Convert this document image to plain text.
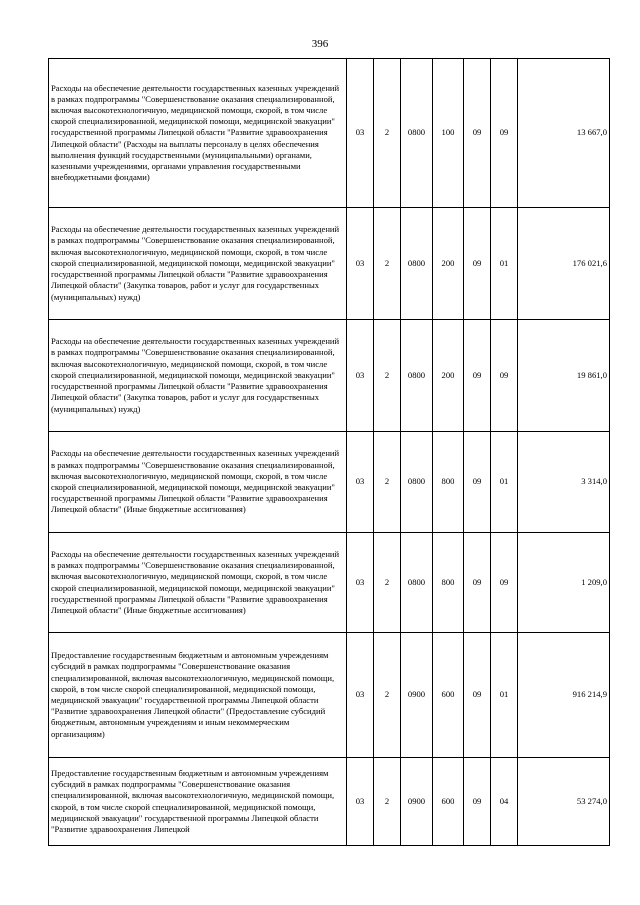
396
Расходы на обеспечение деятельности государственных казенных учреждений в рамках подпрограммы "Совершенствование оказания специализированной, включая высокотехнологичную, медицинской помощи, скорой, в том числе скорой специализированной, медицинской помощи, медицинской эвакуации" государственной программы Липецкой области "Развитие здравоохранения Липецкой области" (Расходы на выплаты персоналу в целях обеспечения выполнения функций государственными (муниципальными) органами, казенными учреждениями, органами управления государственными внебюджетными фондами)	03	2	0800	100	09	09	13 667,0
Расходы на обеспечение деятельности государственных казенных учреждений в рамках подпрограммы "Совершенствование оказания специализированной, включая высокотехнологичную, медицинской помощи, скорой, в том числе скорой специализированной, медицинской помощи, медицинской эвакуации" государственной программы Липецкой области "Развитие здравоохранения Липецкой области" (Закупка товаров, работ и услуг для государственных (муниципальных) нужд)	03	2	0800	200	09	01	176 021,6
Расходы на обеспечение деятельности государственных казенных учреждений в рамках подпрограммы "Совершенствование оказания специализированной, включая высокотехнологичную, медицинской помощи, скорой, в том числе скорой специализированной, медицинской помощи, медицинской эвакуации" государственной программы Липецкой области "Развитие здравоохранения Липецкой области" (Закупка товаров, работ и услуг для государственных (муниципальных) нужд)	03	2	0800	200	09	09	19 861,0
Расходы на обеспечение деятельности государственных казенных учреждений в рамках подпрограммы "Совершенствование оказания специализированной, включая высокотехнологичную, медицинской помощи, скорой, в том числе скорой специализированной, медицинской помощи, медицинской эвакуации" государственной программы Липецкой области "Развитие здравоохранения Липецкой области" (Иные бюджетные ассигнования)	03	2	0800	800	09	01	3 314,0
Расходы на обеспечение деятельности государственных казенных учреждений в рамках подпрограммы "Совершенствование оказания специализированной, включая высокотехнологичную, медицинской помощи, скорой, в том числе скорой специализированной, медицинской помощи, медицинской эвакуации" государственной программы Липецкой области "Развитие здравоохранения Липецкой области" (Иные бюджетные ассигнования)	03	2	0800	800	09	09	1 209,0
Предоставление государственным бюджетным и автономным учреждениям субсидий в рамках подпрограммы "Совершенствование оказания специализированной, включая высокотехнологичную, медицинской помощи, скорой, в том числе скорой специализированной, медицинской помощи, медицинской эвакуации" государственной программы Липецкой области "Развитие здравоохранения Липецкой области" (Предоставление субсидий бюджетным, автономным учреждениям и иным некоммерческим организациям)	03	2	0900	600	09	01	916 214,9
Предоставление государственным бюджетным и автономным учреждениям субсидий в рамках подпрограммы "Совершенствование оказания специализированной, включая высокотехнологичную, медицинской помощи, скорой, в том числе скорой специализированной, медицинской помощи, медицинской эвакуации" государственной программы Липецкой области "Развитие здравоохранения Липецкой	03	2	0900	600	09	04	53 274,0
